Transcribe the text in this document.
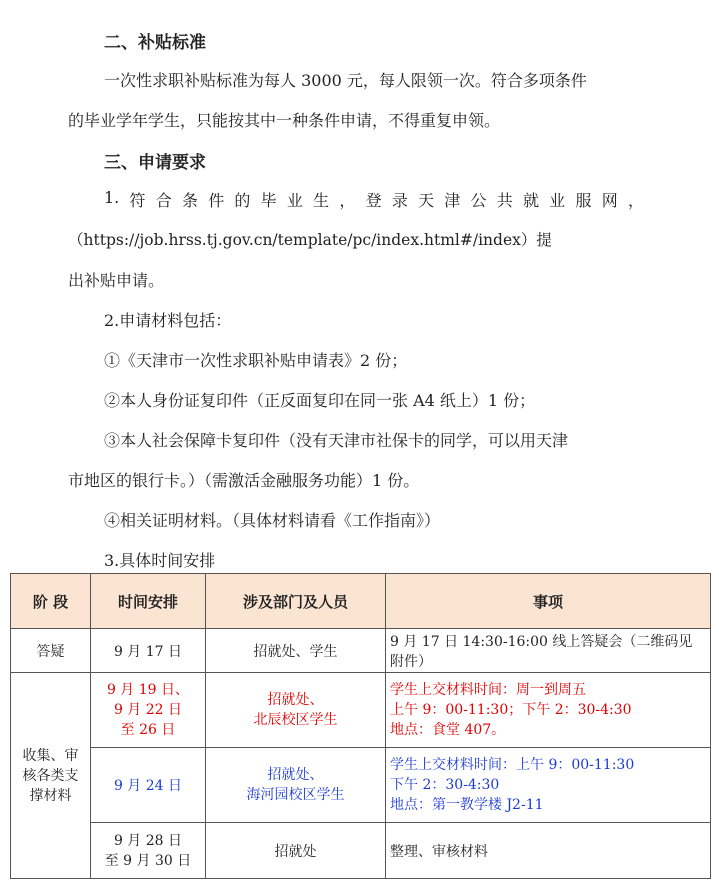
二、补贴标准
一次性求职补贴标准为每人 3000 元，每人限领一次。符合多项条件
的毕业学年学生，只能按其中一种条件申请，不得重复申领。
三、申请要求
1. 符 合 条 件 的 毕 业 生 ， 登 录 天 津 公 共 就 业 服 网 ，
（https://job.hrss.tj.gov.cn/template/pc/index.html#/index）提
出补贴申请。
2.申请材料包括：
①《天津市一次性求职补贴申请表》2 份；
②本人身份证复印件（正反面复印在同一张 A4 纸上）1 份；
③本人社会保障卡复印件（没有天津市社保卡的同学，可以用天津
市地区的银行卡。）（需激活金融服务功能）1 份。
④相关证明材料。（具体材料请看《工作指南》）
3.具体时间安排
阶 段	时间安排	涉及部门及人员	事项
答疑	9 月 17 日	招就处、学生	9 月 17 日 14:30-16:00 线上答疑会（二维码见附件）

收集、审
核各类支
撑材料	9 月 19 日、
9 月 22 日
至 26 日	招就处、
北辰校区学生	学生上交材料时间：周一到周五
上午 9：00-11:30；下午 2：30-4:30
地点：食堂 407。

	9 月 24 日	招就处、
海河园校区学生	学生上交材料时间：上午 9：00-11:30
下午 2：30-4:30
地点：第一教学楼 J2-11

	9 月 28 日
至 9 月 30 日	招就处	整理、审核材料
